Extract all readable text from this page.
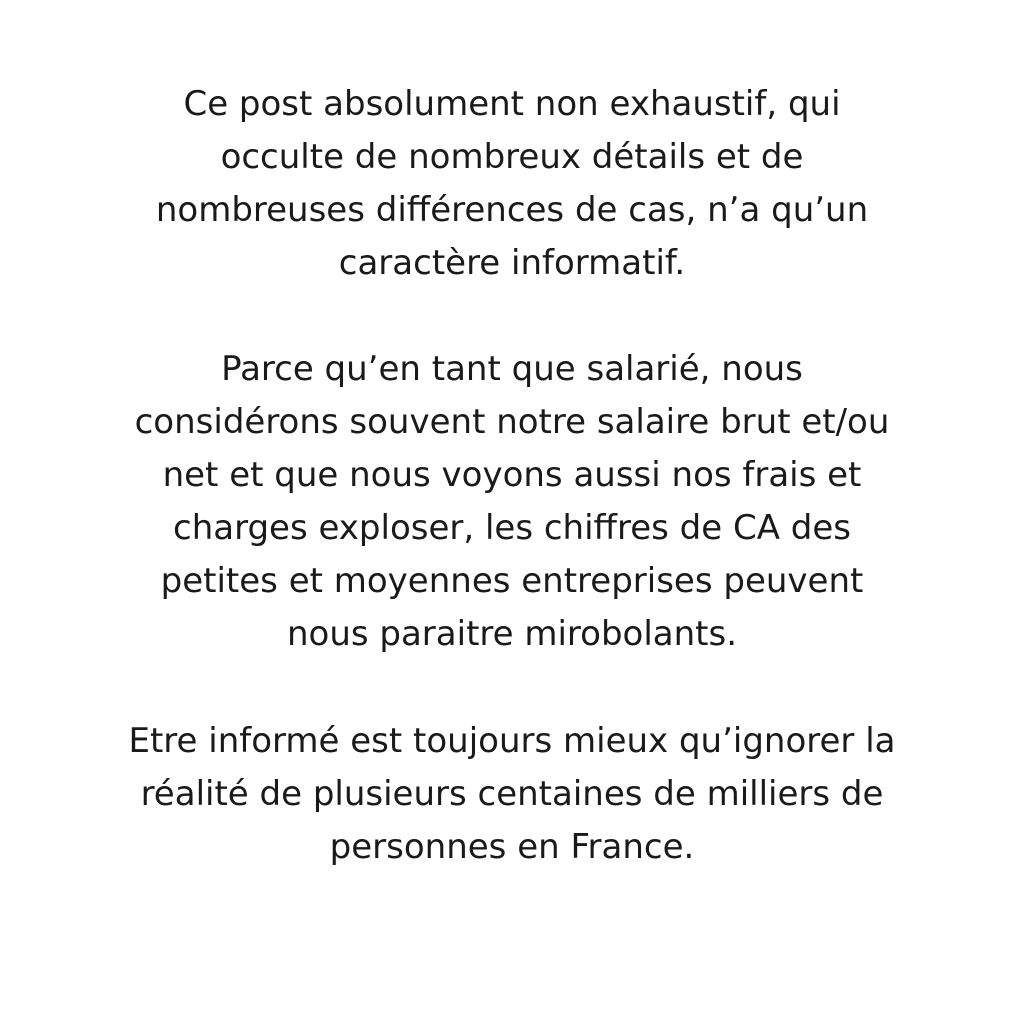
Ce post absolument non exhaustif, qui
occulte de nombreux détails et de
nombreuses différences de cas, n’a qu’un
caractère informatif.
Parce qu’en tant que salarié, nous
considérons souvent notre salaire brut et/ou
net et que nous voyons aussi nos frais et
charges exploser, les chiffres de CA des
petites et moyennes entreprises peuvent
nous paraitre mirobolants.
Etre informé est toujours mieux qu’ignorer la
réalité de plusieurs centaines de milliers de
personnes en France.
